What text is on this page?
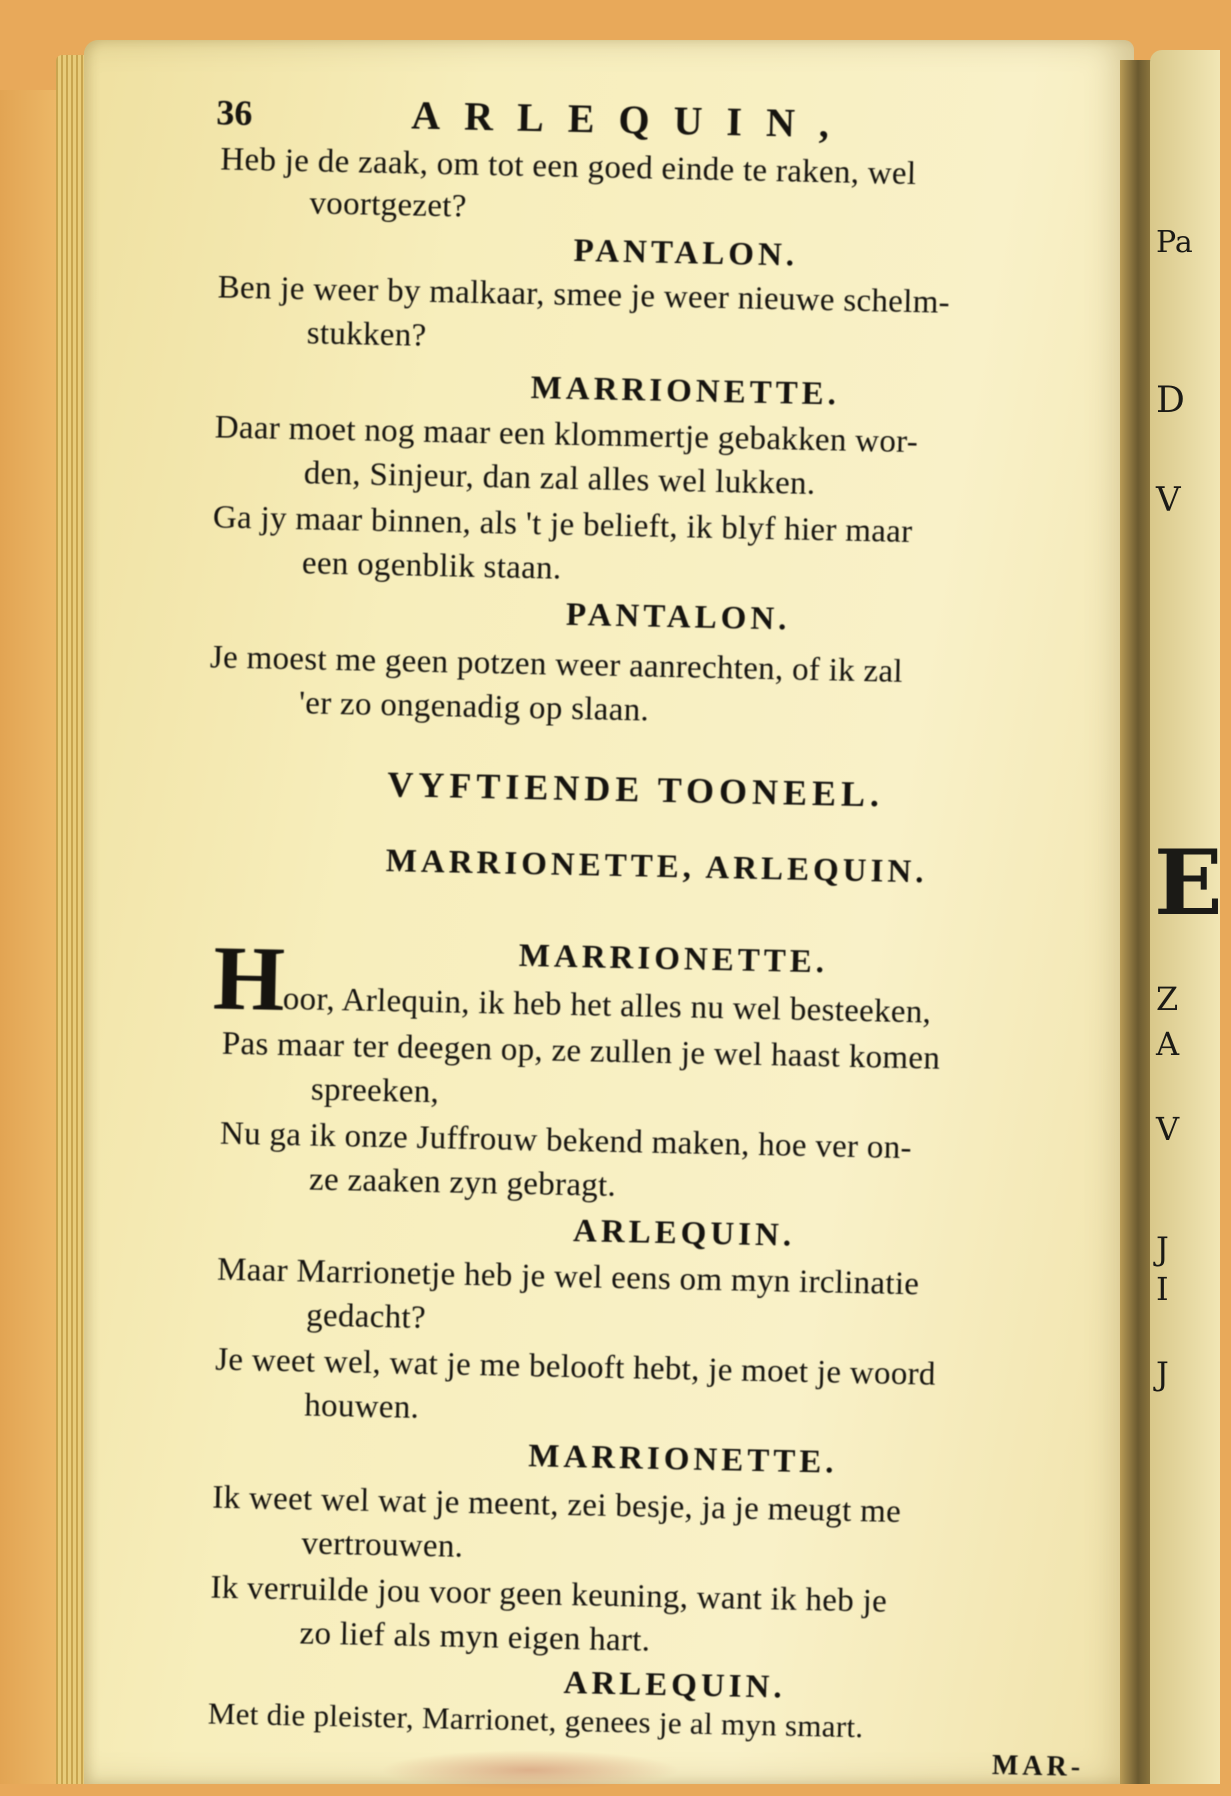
Pa
D
V
E
Z
A
V
J
I
J
36	ARLEQUIN,
Heb je de zaak, om tot een goed einde te raken, wel
voortgezet?
PANTALON.
Ben je weer by malkaar, smee je weer nieuwe schelm-
stukken?
MARRIONETTE.
Daar moet nog maar een klommertje gebakken wor-
den, Sinjeur, dan zal alles wel lukken.
Ga jy maar binnen, als 't je belieft, ik blyf hier maar
een ogenblik staan.
PANTALON.
Je moest me geen potzen weer aanrechten, of ik zal
'er zo ongenadig op slaan.
VYFTIENDE TOONEEL.
MARRIONETTE, ARLEQUIN.
H	MARRIONETTE.
oor, Arlequin, ik heb het alles nu wel besteeken,
Pas maar ter deegen op, ze zullen je wel haast komen
spreeken,
Nu ga ik onze Juffrouw bekend maken, hoe ver on-
ze zaaken zyn gebragt.
ARLEQUIN.
Maar Marrionetje heb je wel eens om myn irclinatie
gedacht?
Je weet wel, wat je me belooft hebt, je moet je woord
houwen.
MARRIONETTE.
Ik weet wel wat je meent, zei besje, ja je meugt me
vertrouwen.
Ik verruilde jou voor geen keuning, want ik heb je
zo lief als myn eigen hart.
ARLEQUIN.
Met die pleister, Marrionet, genees je al myn smart.
MAR-
